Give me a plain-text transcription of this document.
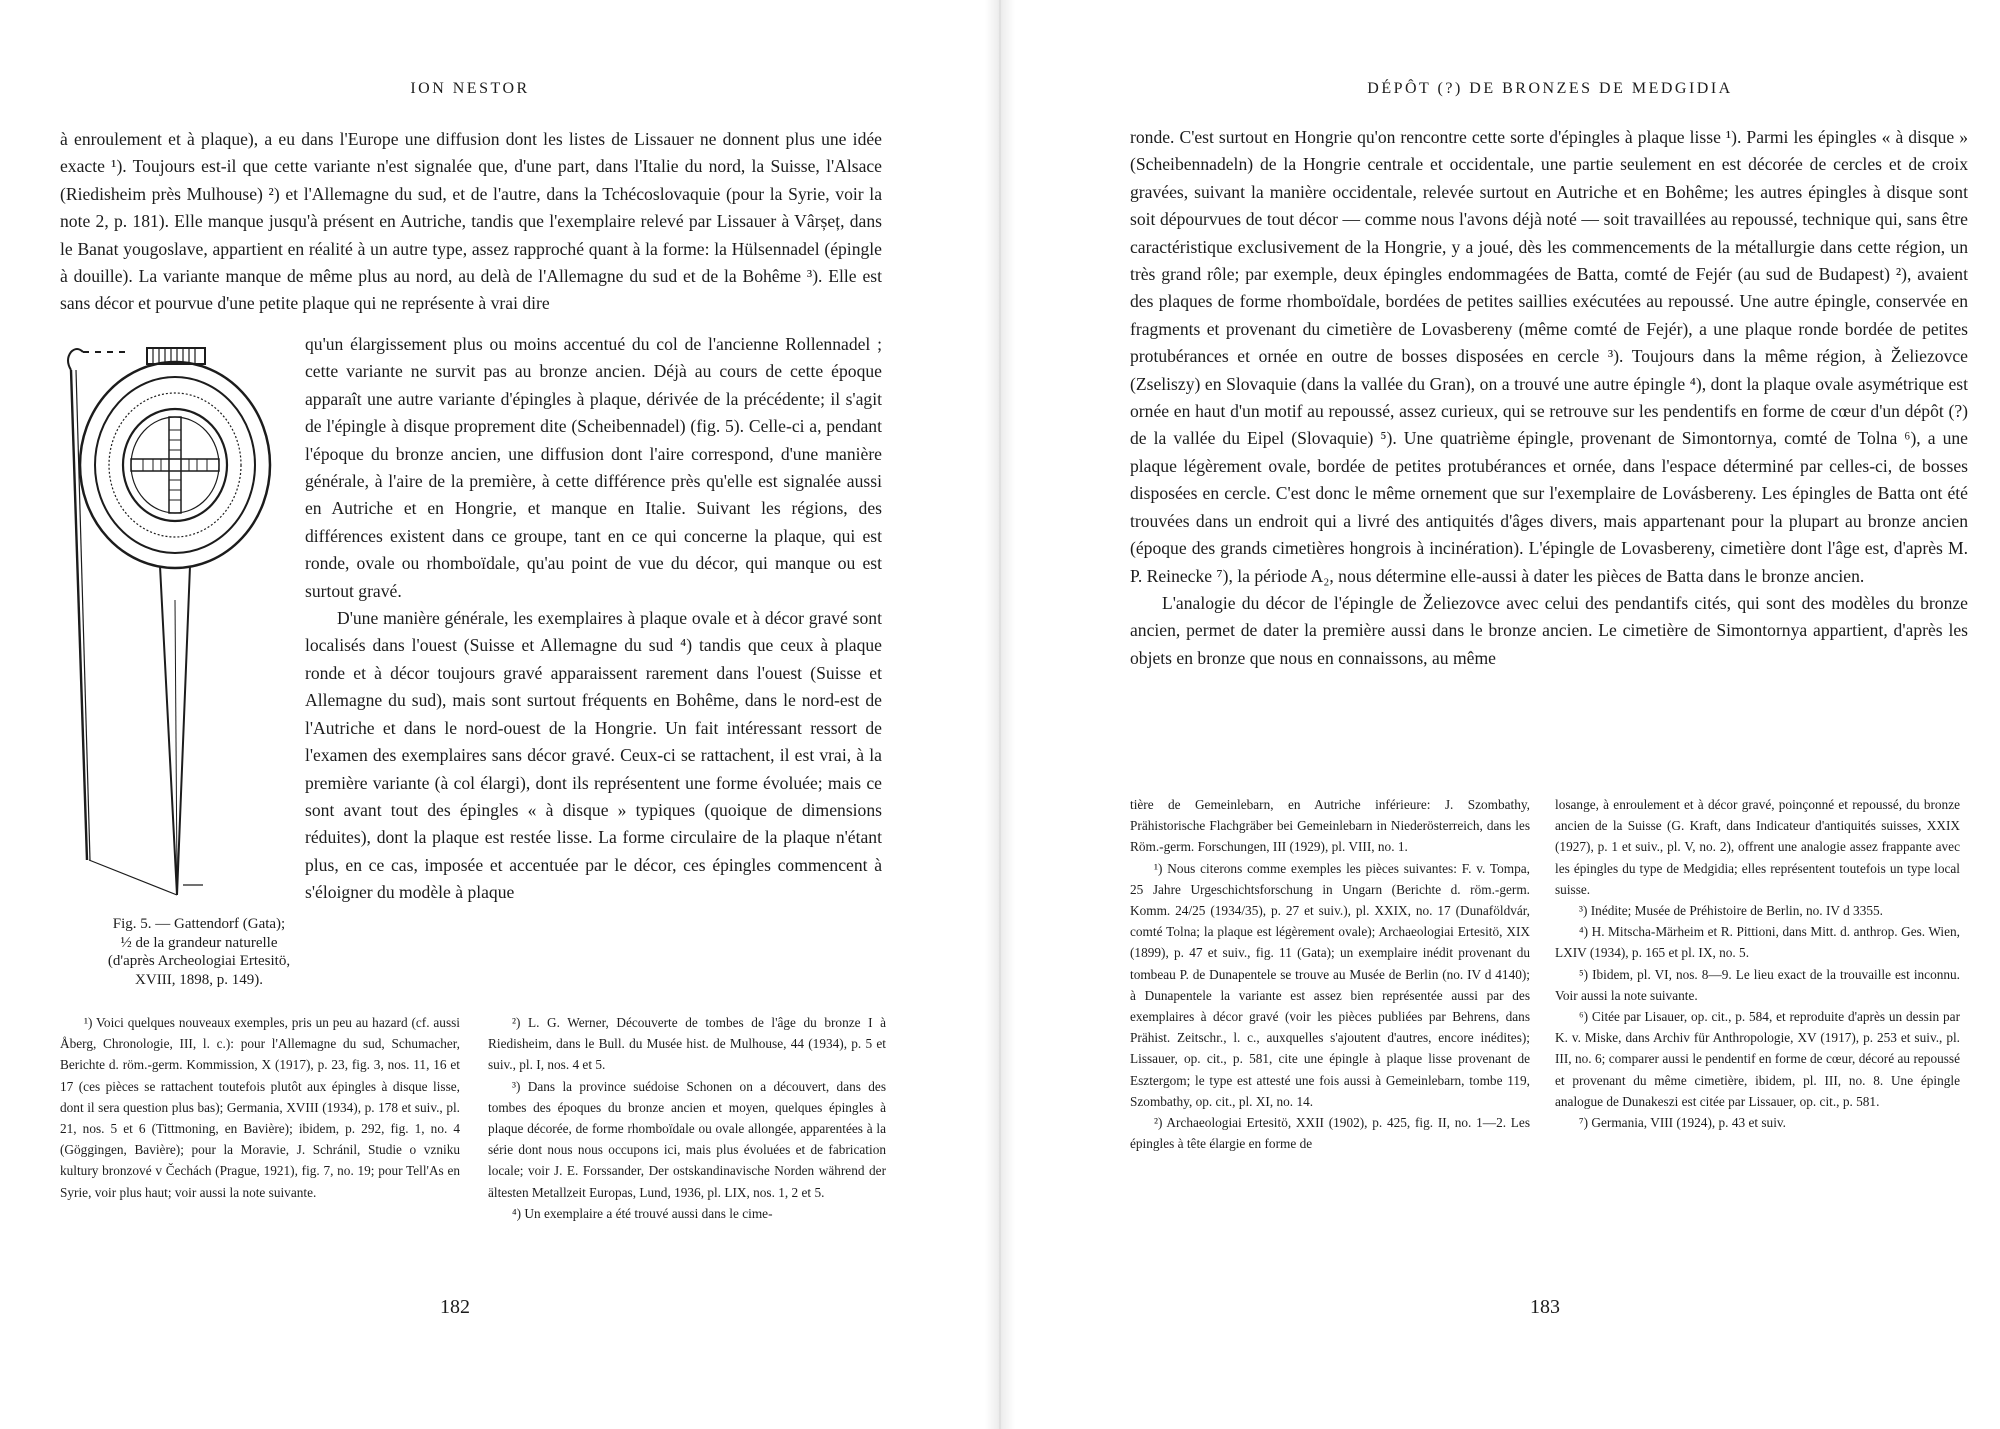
ION NESTOR

à enroulement et à plaque), a eu dans l'Europe une diffusion dont les listes de Lissauer ne donnent plus une idée exacte ¹). Toujours est-il que cette variante n'est signalée que, d'une part, dans l'Italie du nord, la Suisse, l'Alsace (Riedisheim près Mulhouse) ²) et l'Allemagne du sud, et de l'autre, dans la Tchécoslovaquie (pour la Syrie, voir la note 2, p. 181). Elle manque jusqu'à présent en Autriche, tandis que l'exemplaire relevé par Lissauer à Vârșeț, dans le Banat yougoslave, appartient en réalité à un autre type, assez rapproché quant à la forme: la Hülsennadel (épingle à douille). La variante manque de même plus au nord, au delà de l'Allemagne du sud et de la Bohême ³). Elle est sans décor et pourvue d'une petite plaque qui ne représente à vrai dire

Fig. 5. — Gattendorf (Gata);
½ de la grandeur naturelle
(d'après Archeologiai Ertesitö,
XVIII, 1898, p. 149).

qu'un élargissement plus ou moins accentué du col de l'ancienne Rollennadel ; cette variante ne survit pas au bronze ancien. Déjà au cours de cette époque apparaît une autre variante d'épingles à plaque, dérivée de la précédente; il s'agit de l'épingle à disque proprement dite (Scheibennadel) (fig. 5). Celle-ci a, pendant l'époque du bronze ancien, une diffusion dont l'aire correspond, d'une manière générale, à l'aire de la première, à cette différence près qu'elle est signalée aussi en Autriche et en Hongrie, et manque en Italie. Suivant les régions, des différences existent dans ce groupe, tant en ce qui concerne la plaque, qui est ronde, ovale ou rhomboïdale, qu'au point de vue du décor, qui manque ou est surtout gravé.

D'une manière générale, les exemplaires à plaque ovale et à décor gravé sont localisés dans l'ouest (Suisse et Allemagne du sud ⁴) tandis que ceux à plaque ronde et à décor toujours gravé apparaissent rarement dans l'ouest (Suisse et Allemagne du sud), mais sont surtout fréquents en Bohême, dans le nord-est de l'Autriche et dans le nord-ouest de la Hongrie. Un fait intéressant ressort de l'examen des exemplaires sans décor gravé. Ceux-ci se rattachent, il est vrai, à la première variante (à col élargi), dont ils représentent une forme évoluée; mais ce sont avant tout des épingles « à disque » typiques (quoique de dimensions réduites), dont la plaque est restée lisse. La forme circulaire de la plaque n'étant plus, en ce cas, imposée et accentuée par le décor, ces épingles commencent à s'éloigner du modèle à plaque

¹) Voici quelques nouveaux exemples, pris un peu au hazard (cf. aussi Åberg, Chronologie, III, l. c.): pour l'Allemagne du sud, Schumacher, Berichte d. röm.-germ. Kommission, X (1917), p. 23, fig. 3, nos. 11, 16 et 17 (ces pièces se rattachent toutefois plutôt aux épingles à disque lisse, dont il sera question plus bas); Germania, XVIII (1934), p. 178 et suiv., pl. 21, nos. 5 et 6 (Tittmoning, en Bavière); ibidem, p. 292, fig. 1, no. 4 (Göggingen, Bavière); pour la Moravie, J. Schránil, Studie o vzniku kultury bronzové v Čechách (Prague, 1921), fig. 7, no. 19; pour Tell'As en Syrie, voir plus haut; voir aussi la note suivante.

²) L. G. Werner, Découverte de tombes de l'âge du bronze I à Riedisheim, dans le Bull. du Musée hist. de Mulhouse, 44 (1934), p. 5 et suiv., pl. I, nos. 4 et 5.

³) Dans la province suédoise Schonen on a découvert, dans des tombes des époques du bronze ancien et moyen, quelques épingles à plaque décorée, de forme rhomboïdale ou ovale allongée, apparentées à la série dont nous nous occupons ici, mais plus évoluées et de fabrication locale; voir J. E. Forssander, Der ostskandinavische Norden während der ältesten Metallzeit Europas, Lund, 1936, pl. LIX, nos. 1, 2 et 5.

⁴) Un exemplaire a été trouvé aussi dans le cime-

182
DÉPÔT (?) DE BRONZES DE MEDGIDIA

ronde. C'est surtout en Hongrie qu'on rencontre cette sorte d'épingles à plaque lisse ¹). Parmi les épingles « à disque » (Scheibennadeln) de la Hongrie centrale et occidentale, une partie seulement en est décorée de cercles et de croix gravées, suivant la manière occidentale, relevée surtout en Autriche et en Bohême; les autres épingles à disque sont soit dépourvues de tout décor — comme nous l'avons déjà noté — soit travaillées au repoussé, technique qui, sans être caractéristique exclusivement de la Hongrie, y a joué, dès les commencements de la métallurgie dans cette région, un très grand rôle; par exemple, deux épingles endommagées de Batta, comté de Fejér (au sud de Budapest) ²), avaient des plaques de forme rhomboïdale, bordées de petites saillies exécutées au repoussé. Une autre épingle, conservée en fragments et provenant du cimetière de Lovasbereny (même comté de Fejér), a une plaque ronde bordée de petites protubérances et ornée en outre de bosses disposées en cercle ³). Toujours dans la même région, à Želiezovce (Zseliszy) en Slovaquie (dans la vallée du Gran), on a trouvé une autre épingle ⁴), dont la plaque ovale asymétrique est ornée en haut d'un motif au repoussé, assez curieux, qui se retrouve sur les pendentifs en forme de cœur d'un dépôt (?) de la vallée du Eipel (Slovaquie) ⁵). Une quatrième épingle, provenant de Simontornya, comté de Tolna ⁶), a une plaque légèrement ovale, bordée de petites protubérances et ornée, dans l'espace déterminé par celles-ci, de bosses disposées en cercle. C'est donc le même ornement que sur l'exemplaire de Lovásbereny. Les épingles de Batta ont été trouvées dans un endroit qui a livré des antiquités d'âges divers, mais appartenant pour la plupart au bronze ancien (époque des grands cimetières hongrois à incinération). L'épingle de Lovasbereny, cimetière dont l'âge est, d'après M. P. Reinecke ⁷), la période A₂, nous détermine elle-aussi à dater les pièces de Batta dans le bronze ancien.

L'analogie du décor de l'épingle de Želiezovce avec celui des pendantifs cités, qui sont des modèles du bronze ancien, permet de dater la première aussi dans le bronze ancien. Le cimetière de Simontornya appartient, d'après les objets en bronze que nous en connaissons, au même

tière de Gemeinlebarn, en Autriche inférieure: J. Szombathy, Prähistorische Flachgräber bei Gemeinlebarn in Niederösterreich, dans les Röm.-germ. Forschungen, III (1929), pl. VIII, no. 1.

¹) Nous citerons comme exemples les pièces suivantes: F. v. Tompa, 25 Jahre Urgeschichtsforschung in Ungarn (Berichte d. röm.-germ. Komm. 24/25 (1934/35), p. 27 et suiv.), pl. XXIX, no. 17 (Dunaföldvár, comté Tolna; la plaque est légèrement ovale); Archaeologiai Ertesitö, XIX (1899), p. 47 et suiv., fig. 11 (Gata); un exemplaire inédit provenant du tombeau P. de Dunapentele se trouve au Musée de Berlin (no. IV d 4140); à Dunapentele la variante est assez bien représentée aussi par des exemplaires à décor gravé (voir les pièces publiées par Behrens, dans Prähist. Zeitschr., l. c., auxquelles s'ajoutent d'autres, encore inédites); Lissauer, op. cit., p. 581, cite une épingle à plaque lisse provenant de Esztergom; le type est attesté une fois aussi à Gemeinlebarn, tombe 119, Szombathy, op. cit., pl. XI, no. 14.

²) Archaeologiai Ertesitö, XXII (1902), p. 425, fig. II, no. 1—2. Les épingles à tête élargie en forme de

losange, à enroulement et à décor gravé, poinçonné et repoussé, du bronze ancien de la Suisse (G. Kraft, dans Indicateur d'antiquités suisses, XXIX (1927), p. 1 et suiv., pl. V, no. 2), offrent une analogie assez frappante avec les épingles du type de Medgidia; elles représentent toutefois un type local suisse.

³) Inédite; Musée de Préhistoire de Berlin, no. IV d 3355.

⁴) H. Mitscha-Märheim et R. Pittioni, dans Mitt. d. anthrop. Ges. Wien, LXIV (1934), p. 165 et pl. IX, no. 5.

⁵) Ibidem, pl. VI, nos. 8—9. Le lieu exact de la trouvaille est inconnu. Voir aussi la note suivante.

⁶) Citée par Lisauer, op. cit., p. 584, et reproduite d'après un dessin par K. v. Miske, dans Archiv für Anthropologie, XV (1917), p. 253 et suiv., pl. III, no. 6; comparer aussi le pendentif en forme de cœur, décoré au repoussé et provenant du même cimetière, ibidem, pl. III, no. 8. Une épingle analogue de Dunakeszi est citée par Lissauer, op. cit., p. 581.

⁷) Germania, VIII (1924), p. 43 et suiv.

183
